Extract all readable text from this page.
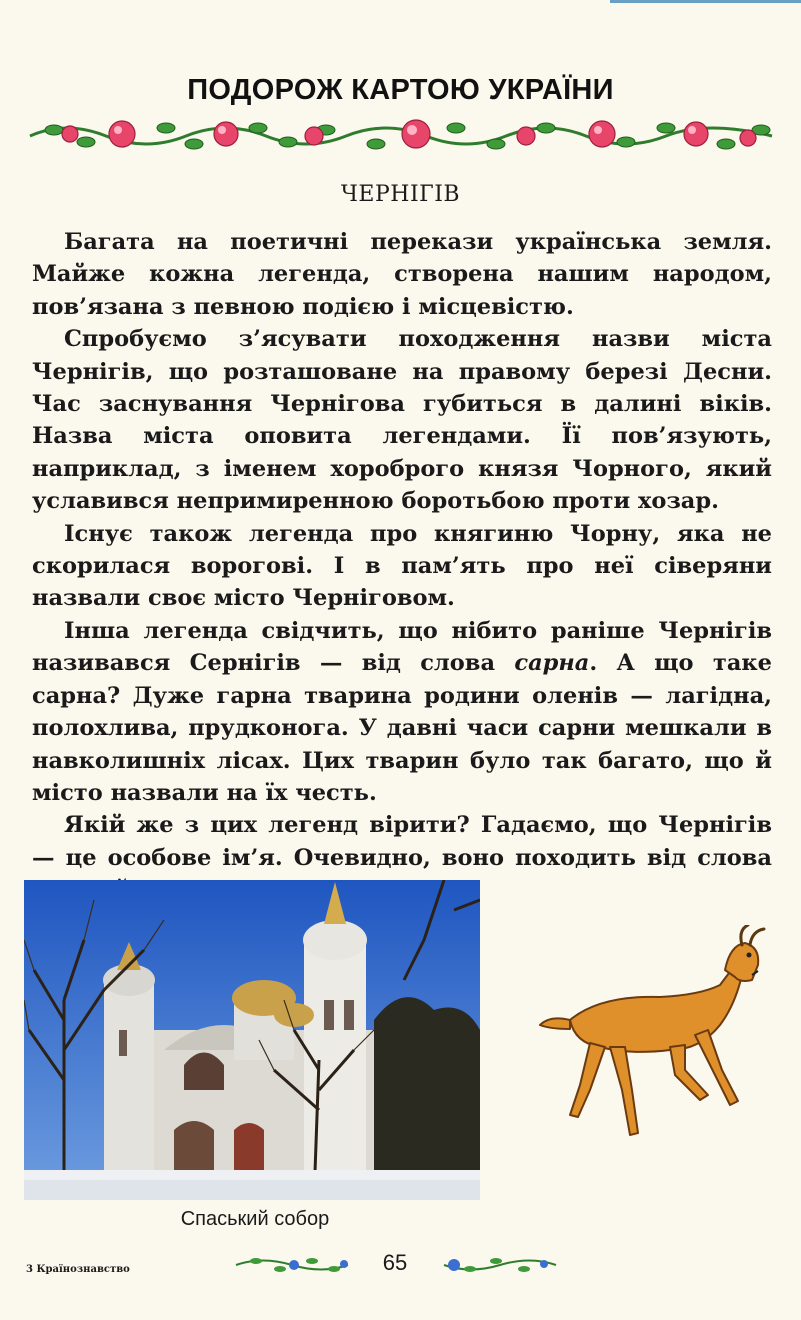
ПОДОРОЖ КАРТОЮ УКРАЇНИ
ЧЕРНІГІВ

Багата на поетичні перекази українська земля. Майже кожна легенда, створена нашим народом, пов’язана з певною подією і місцевістю.

Спробуємо з’ясувати походження назви міста Чернігів, що розташоване на правому березі Десни. Час заснування Чернігова губиться в далині віків. Назва міста оповита легендами. Її пов’язують, наприклад, з іменем хороброго князя Чорного, який уславився непримиренною боротьбою проти хозар.

Існує також легенда про княгиню Чорну, яка не скорилася ворогові. І в пам’ять про неї сіверяни назвали своє місто Черніговом.

Інша легенда свідчить, що нібито раніше Чернігів називався Сернігів — від слова сарна. А що таке сарна? Дуже гарна тварина родини оленів — лагідна, полохлива, прудконога. У давні часи сарни мешкали в навколишніх лісах. Цих тварин було так багато, що й місто назвали на їх честь.

Якій же з цих легенд вірити? Гадаємо, що Чернігів — це особове ім’я. Очевидно, воно походить від слова

Спаський собор
3 Країнознавство	65
